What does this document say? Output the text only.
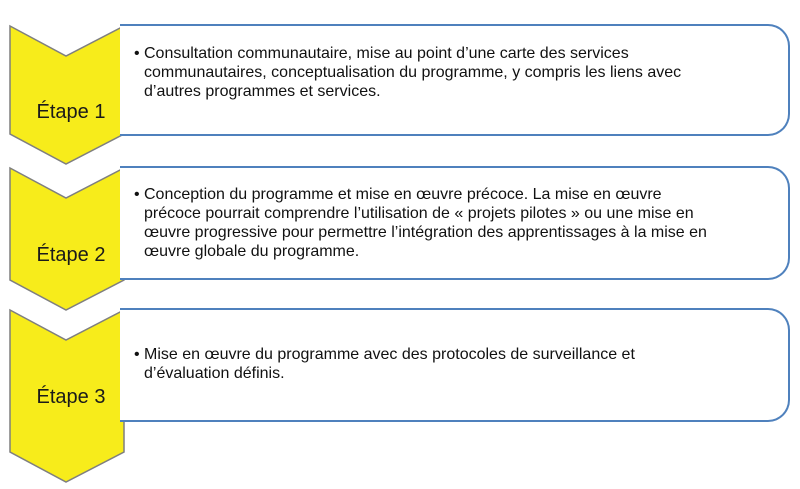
Étape 1
Étape 2
Étape 3
• Consultation communautaire, mise au point d’une carte des services
communautaires, conceptualisation du programme, y compris les liens avec
d’autres programmes et services.
• Conception du programme et mise en œuvre précoce. La mise en œuvre
précoce pourrait comprendre l’utilisation de « projets pilotes » ou une mise en
œuvre progressive pour permettre l’intégration des apprentissages à la mise en
œuvre globale du programme.
• Mise en œuvre du programme avec des protocoles de surveillance et
d’évaluation définis.
